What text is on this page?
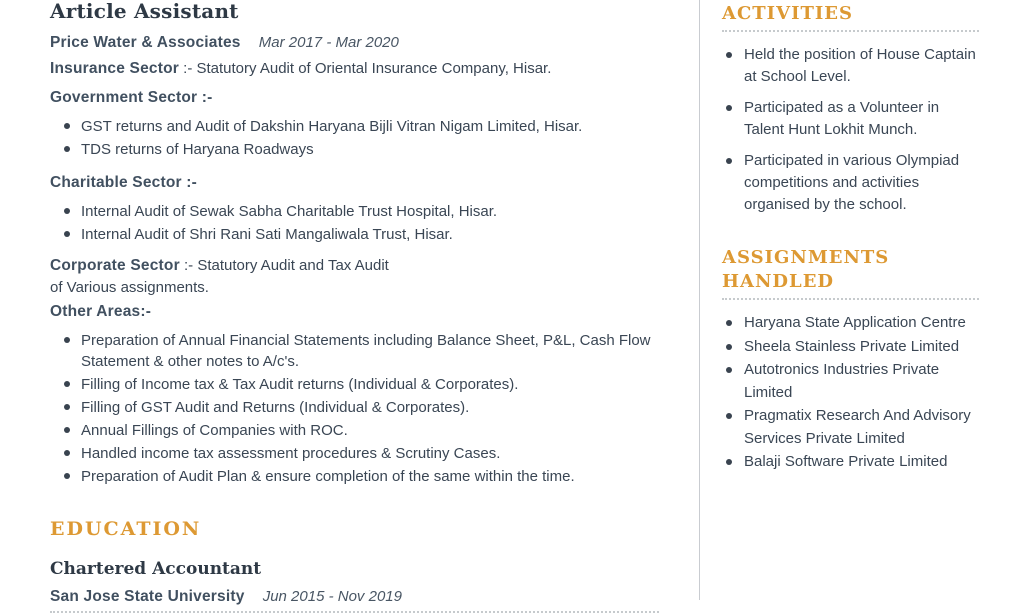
Article Assistant

Price Water & Associates Mar 2017 - Mar 2020

Insurance Sector :- Statutory Audit of Oriental Insurance Company, Hisar.

Government Sector :-

GST returns and Audit of Dakshin Haryana Bijli Vitran Nigam Limited, Hisar.
TDS returns of Haryana Roadways

Charitable Sector :-

Internal Audit of Sewak Sabha Charitable Trust Hospital, Hisar.
Internal Audit of Shri Rani Sati Mangaliwala Trust, Hisar.

Corporate Sector :- Statutory Audit and Tax Audit
of Various assignments.

Other Areas:-

Preparation of Annual Financial Statements including Balance Sheet, P&L, Cash Flow Statement & other notes to A/c's.
Filling of Income tax & Tax Audit returns (Individual & Corporates).
Filling of GST Audit and Returns (Individual & Corporates).
Annual Fillings of Companies with ROC.
Handled income tax assessment procedures & Scrutiny Cases.
Preparation of Audit Plan & ensure completion of the same within the time.
EDUCATION

Chartered Accountant

San Jose State University Jun 2015 - Nov 2019

ACTIVITIES
Held the position of House Captain at School Level.
Participated as a Volunteer in Talent Hunt Lokhit Munch.
Participated in various Olympiad competitions and activities organised by the school.
ASSIGNMENTS HANDLED
Haryana State Application Centre
Sheela Stainless Private Limited
Autotronics Industries Private Limited
Pragmatix Research And Advisory Services Private Limited
Balaji Software Private Limited
